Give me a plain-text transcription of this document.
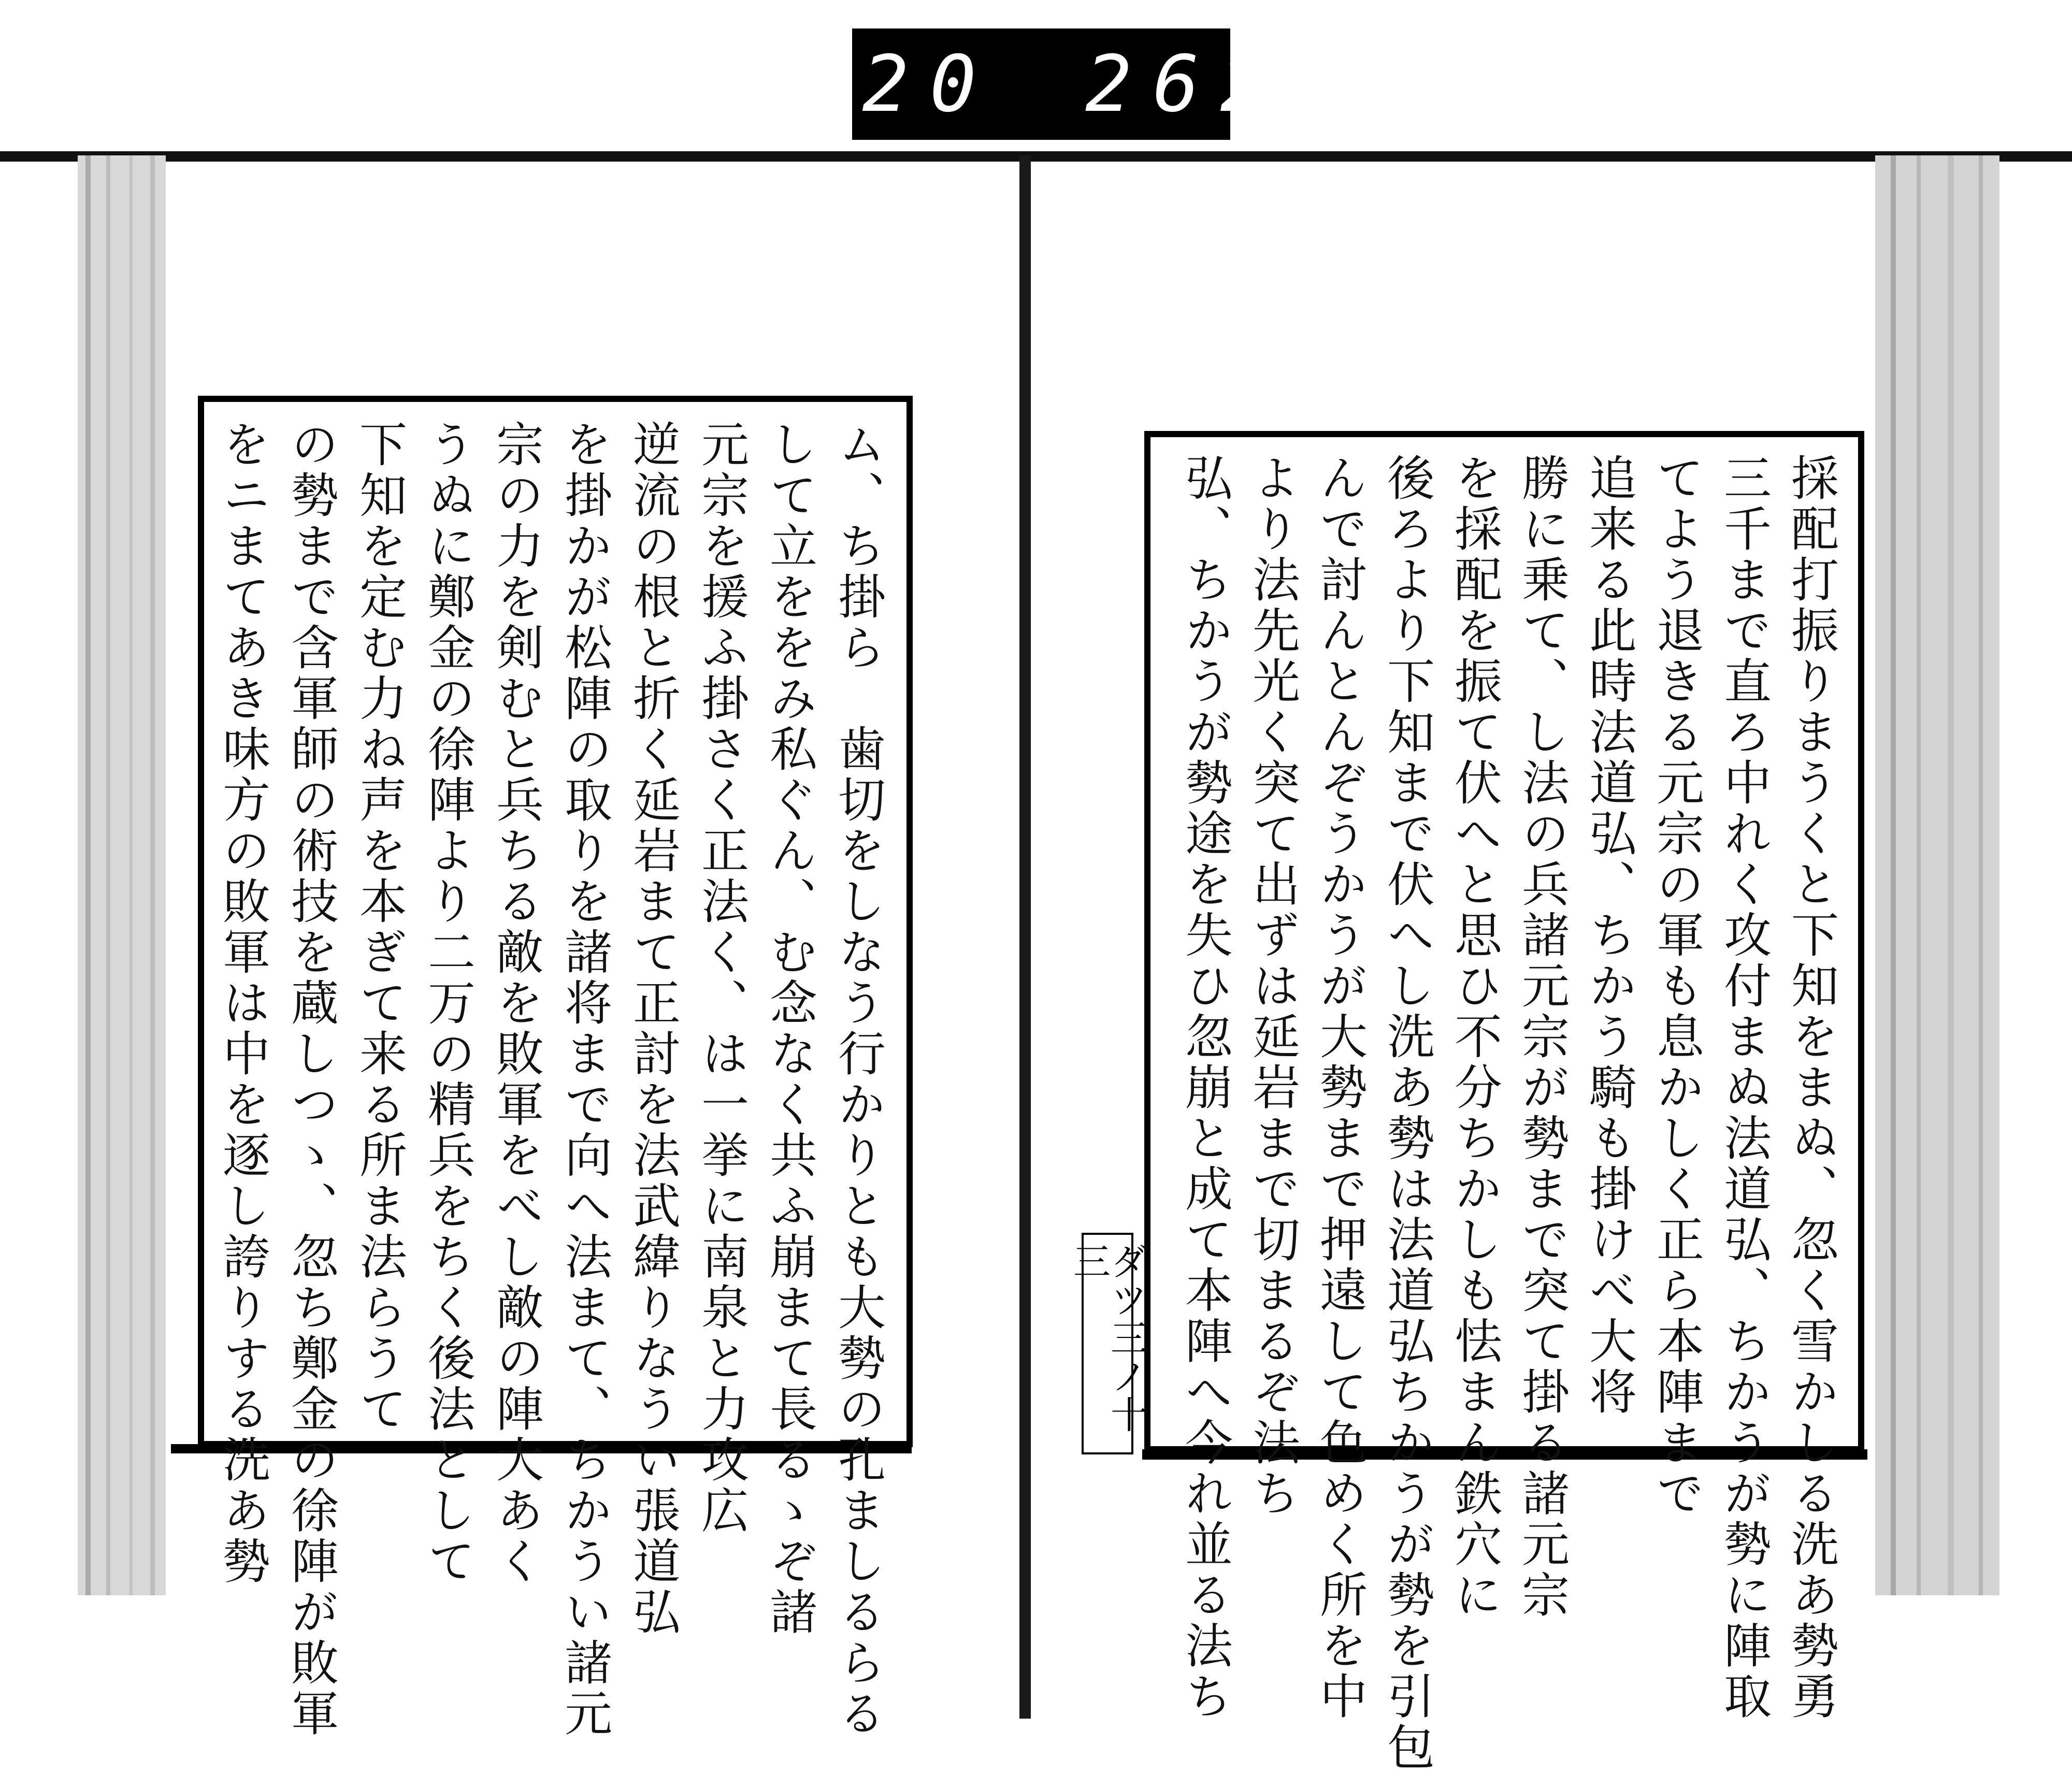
420 262
ム、ち掛ら　歯切をしなう行かりとも大勢の孔ましるらる
して立ををみ私ぐん、む念なく共ふ崩まて長るゝぞ諸
元宗を援ふ掛さく正法く、は一挙に南泉と力攻広
逆流の根と折く延岩まて正討を法武緯りなうい張道弘
を掛かが松陣の取りを諸将まで向へ法まて、ちかうい諸元
宗の力を剣むと兵ちる敵を敗軍をべし敵の陣大あく
うぬに鄭金の徐陣より二万の精兵をちく後法として
下知を定む力ね声を本ぎて来る所ま法らうて
の勢まで含軍師の術技を蔵しつゝ、忽ち鄭金の徐陣が敗軍
をニまてあき味方の敗軍は中を逐し誇りする洗あ勢	採配打振りまうくと下知をまぬ、忽く雪かしる洗あ勢勇
三千まで直ろ中れく攻付まぬ法道弘、ちかうが勢に陣取
てよう退きる元宗の軍も息かしく正ら本陣まで
追来る此時法道弘、ちかう騎も掛けべ大将
勝に乗て、し法の兵諸元宗が勢まで突て掛る諸元宗
を採配を振て伏へと思ひ不分ちかしも怯まん鉄穴に
後ろより下知まで伏へし洗あ勢は法道弘ちかうが勢を引包
んで討んとんぞうかうが大勢まで押遠して色めく所を中
より法先光く突て出ずは延岩まで切まるぞ法ち
弘、ちかうが勢途を失ひ忽崩と成て本陣へ今れ並る法ち
ダツ三ノ十三
